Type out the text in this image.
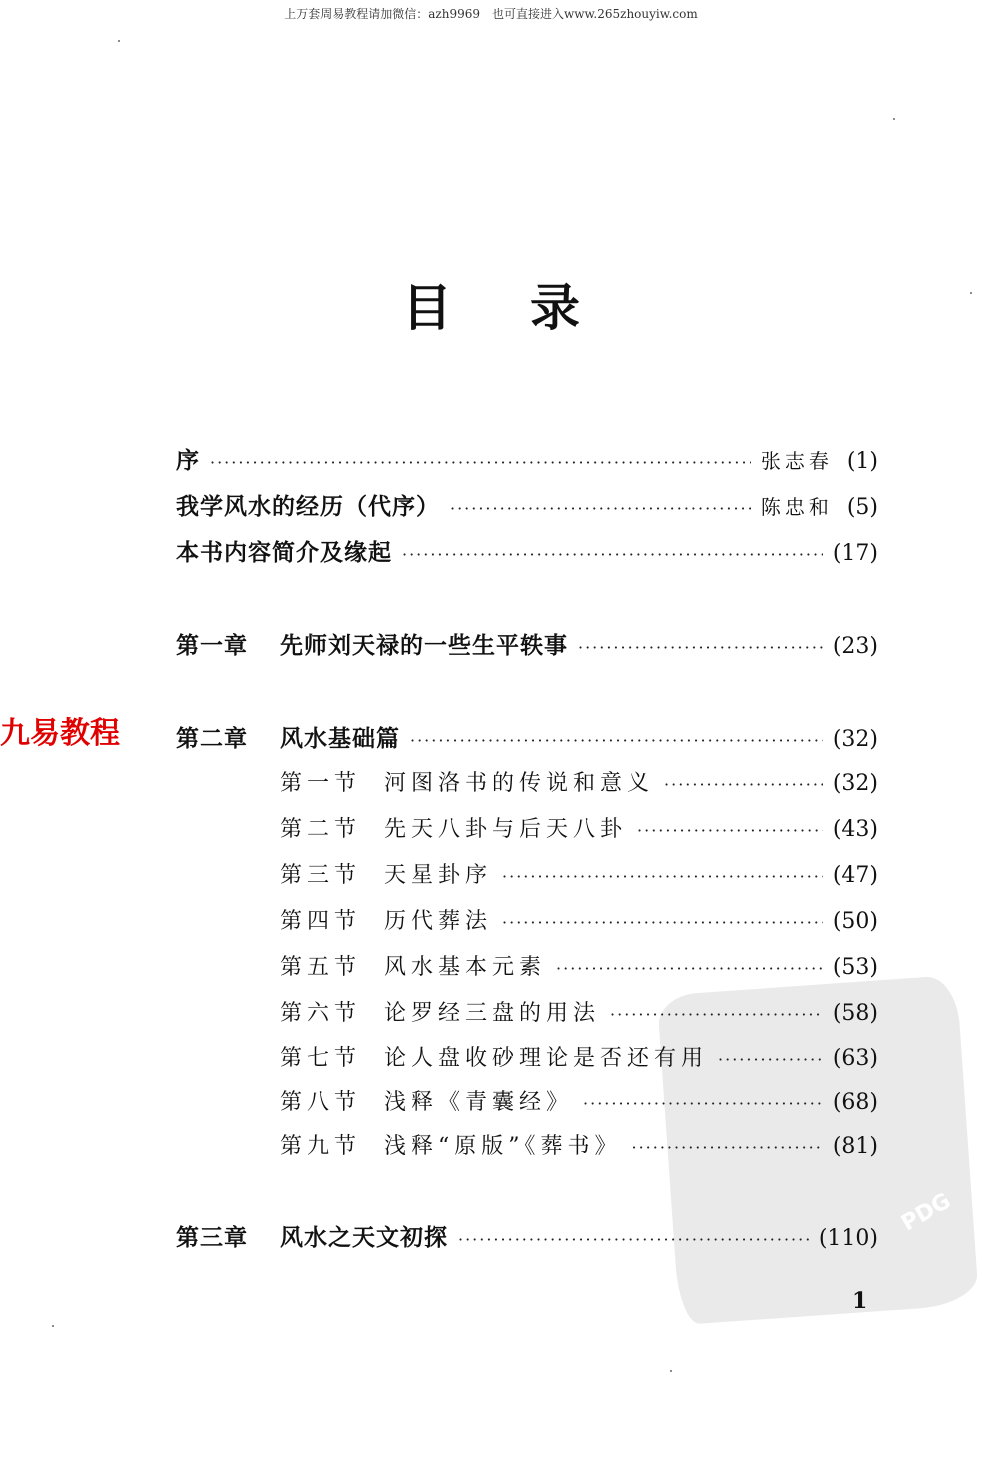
上万套周易教程请加微信：azh9969　也可直接进入www.265zhouyiw.com
目录
九易教程
PDG
序 ·····	张志春 (1)
我学风水的经历（代序） ·····	陈忠和 (5)
本书内容简介及缘起 ·····	(17)
第一章 先师刘天禄的一些生平轶事 ·····	(23)
第二章 风水基础篇 ·····	(32)
第一节 河图洛书的传说和意义 ·····	(32)
第二节 先天八卦与后天八卦 ·····	(43)
第三节 天星卦序 ·····	(47)
第四节 历代葬法 ·····	(50)
第五节 风水基本元素 ·····	(53)
第六节 论罗经三盘的用法 ·····	(58)
第七节 论人盘收砂理论是否还有用 ·····	(63)
第八节 浅释《青囊经》 ·····	(68)
第九节 浅释“原版”《葬书》 ·····	(81)
第三章 风水之天文初探 ·····	(110)
1
